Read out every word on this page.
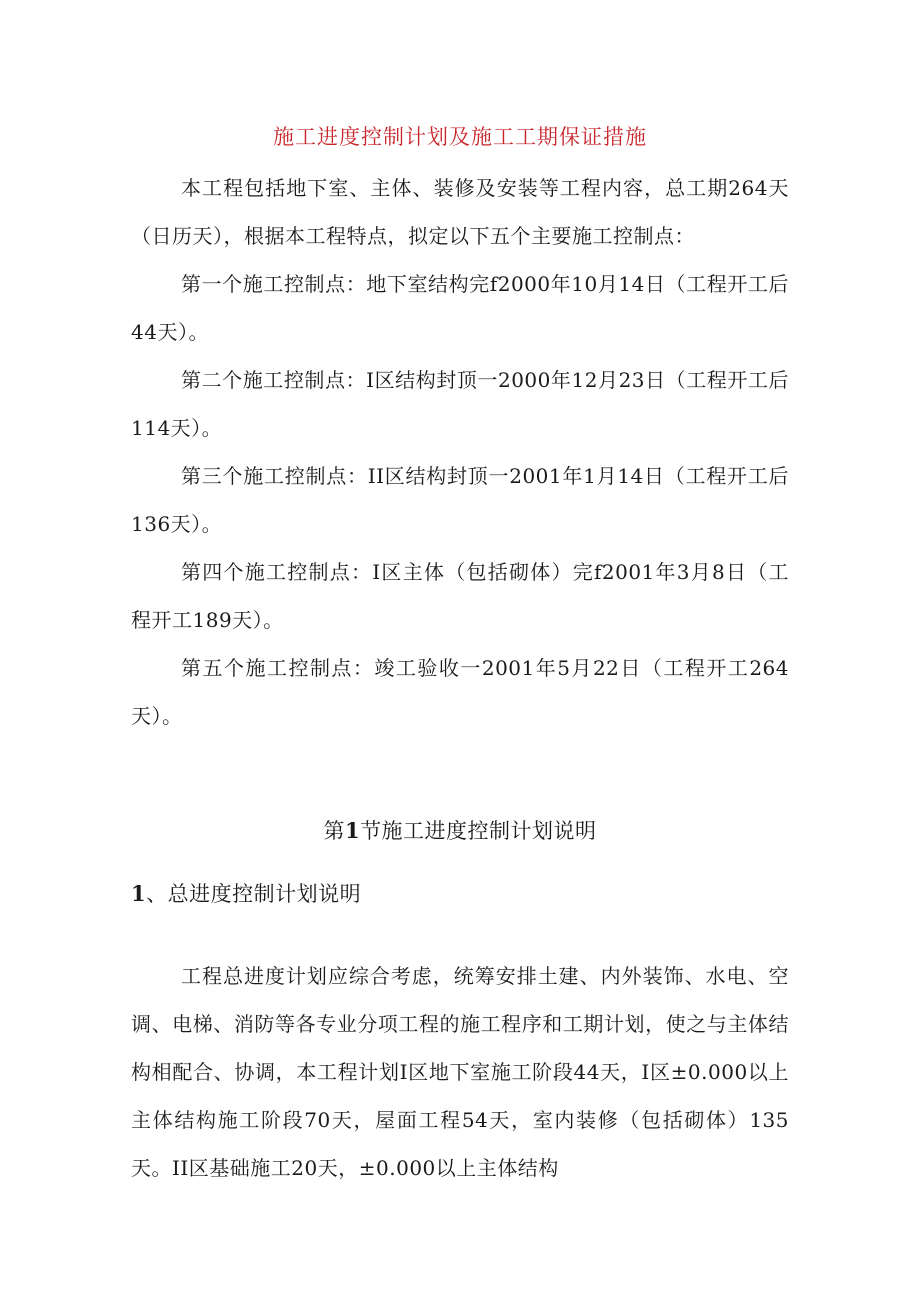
施工进度控制计划及施工工期保证措施

本工程包括地下室、主体、装修及安装等工程内容，总工期264天（日历天），根据本工程特点，拟定以下五个主要施工控制点：

第一个施工控制点：地下室结构完f2000年10月14日（工程开工后44天）。

第二个施工控制点：I区结构封顶一2000年12月23日（工程开工后114天）。

第三个施工控制点：II区结构封顶一2001年1月14日（工程开工后136天）。

第四个施工控制点：I区主体（包括砌体）完f2001年3月8日（工程开工189天）。

第五个施工控制点：竣工验收一2001年5月22日（工程开工264天）。

第1节施工进度控制计划说明
1、总进度控制计划说明

工程总进度计划应综合考虑，统筹安排土建、内外装饰、水电、空调、电梯、消防等各专业分项工程的施工程序和工期计划，使之与主体结构相配合、协调，本工程计划I区地下室施工阶段44天，I区±0.000以上主体结构施工阶段70天，屋面工程54天，室内装修（包括砌体）135天。II区基础施工20天，±0.000以上主体结构
